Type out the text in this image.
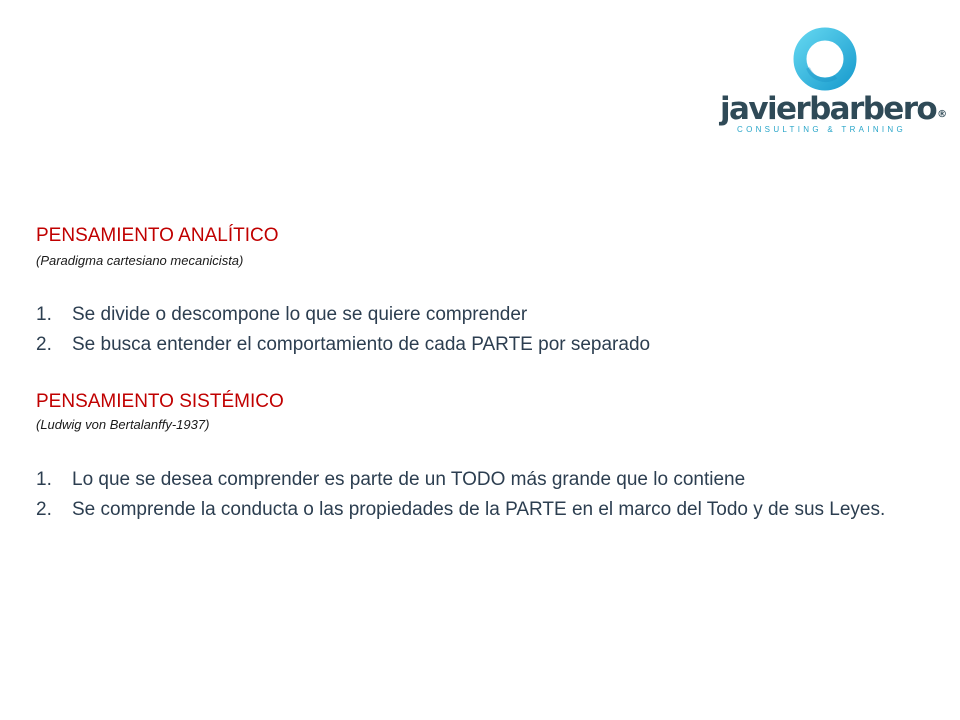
javierbarbero®
CONSULTING & TRAINING
PENSAMIENTO ANALÍTICO
(Paradigma cartesiano mecanicista)
1. Se divide o descompone lo que se quiere comprender
2. Se busca entender el comportamiento de cada PARTE por separado
PENSAMIENTO SISTÉMICO
(Ludwig von Bertalanffy-1937)
1. Lo que se desea comprender es parte de un TODO más grande que lo contiene
2. Se comprende la conducta o las propiedades de la PARTE en el marco del Todo y de sus Leyes.
